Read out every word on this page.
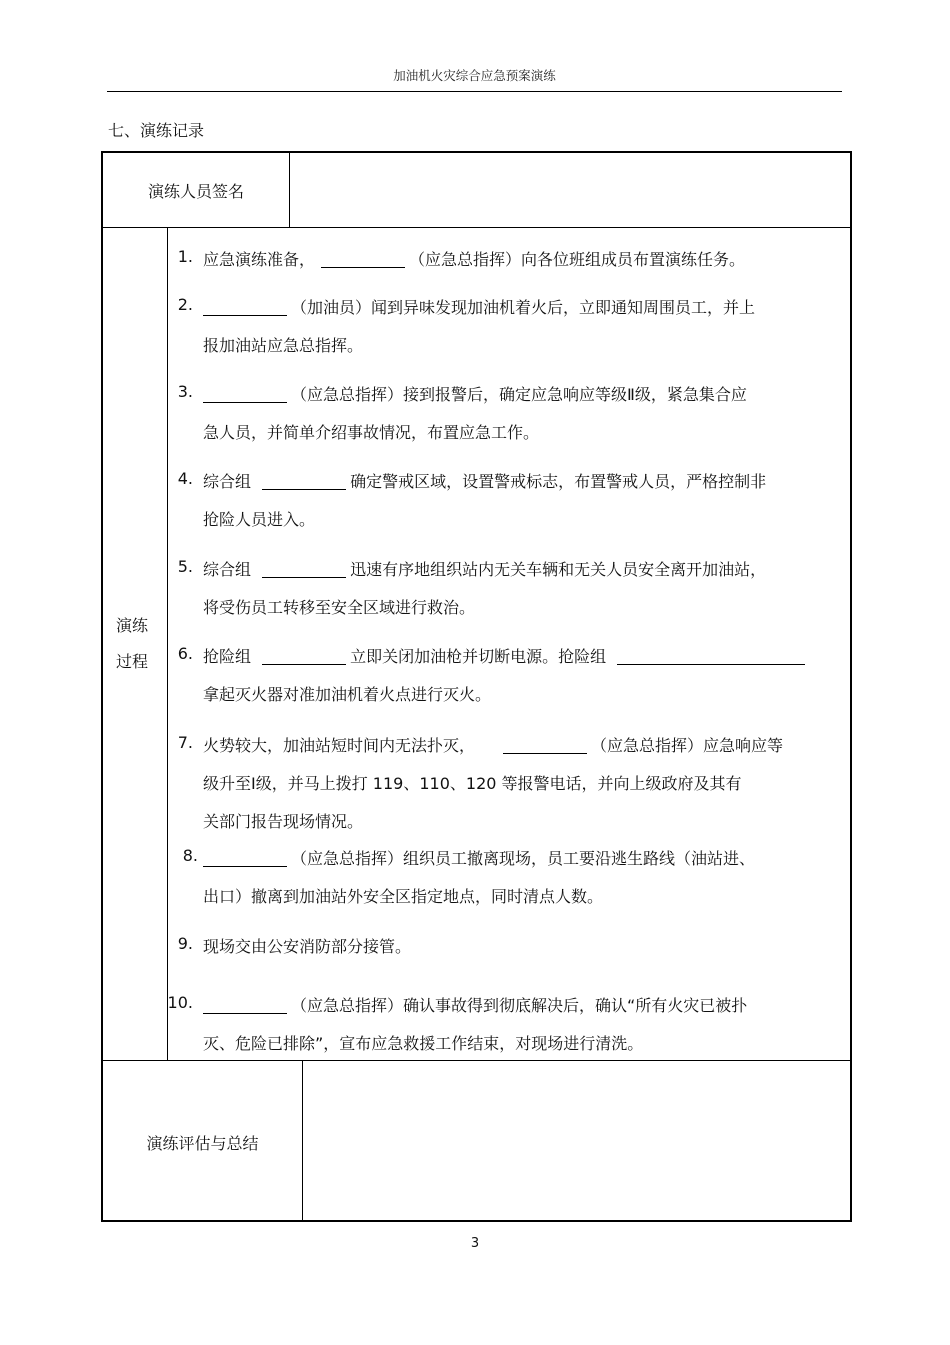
加油机火灾综合应急预案演练
七、演练记录
演练人员签名
演练
过程
1. 应急演练准备，	（应急总指挥）向各位班组成员布置演练任务。
2.	（加油员）闻到异味发现加油机着火后，立即通知周围员工，并上
报加油站应急总指挥。
3.	（应急总指挥）接到报警后，确定应急响应等级Ⅱ级，紧急集合应
急人员，并简单介绍事故情况，布置应急工作。
4. 综合组	确定警戒区域，设置警戒标志，布置警戒人员，严格控制非
抢险人员进入。
5. 综合组	迅速有序地组织站内无关车辆和无关人员安全离开加油站，
将受伤员工转移至安全区域进行救治。
6. 抢险组	立即关闭加油枪并切断电源。抢险组
拿起灭火器对准加油机着火点进行灭火。
7. 火势较大，加油站短时间内无法扑灭，	（应急总指挥）应急响应等
级升至Ⅰ级，并马上拨打 119、110、120 等报警电话，并向上级政府及其有
关部门报告现场情况。
8.	（应急总指挥）组织员工撤离现场，员工要沿逃生路线（油站进、
出口）撤离到加油站外安全区指定地点，同时清点人数。
9. 现场交由公安消防部分接管。
10.	（应急总指挥）确认事故得到彻底解决后，确认“所有火灾已被扑
灭、危险已排除”，宣布应急救援工作结束，对现场进行清洗。
演练评估与总结
3
